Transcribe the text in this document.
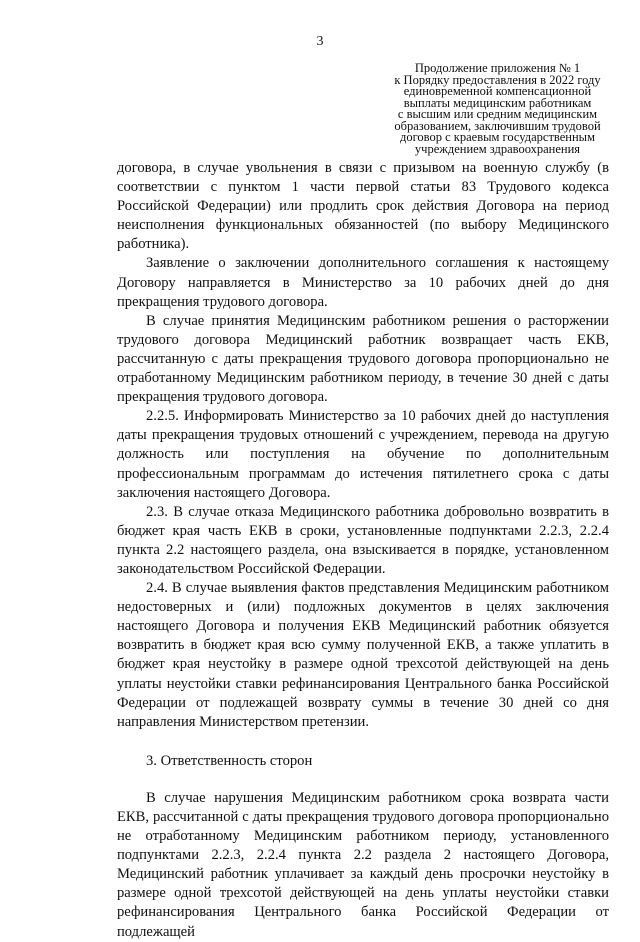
3
Продолжение приложения № 1
к Порядку предоставления в 2022 году
единовременной компенсационной
выплаты медицинским работникам
с высшим или средним медицинским
образованием, заключившим трудовой
договор с краевым государственным
учреждением здравоохранения

договора, в случае увольнения в связи с призывом на военную службу (в соответствии с пунктом 1 части первой статьи 83 Трудового кодекса Российской Федерации) или продлить срок действия Договора на период неисполнения функциональных обязанностей (по выбору Медицинского работника).

Заявление о заключении дополнительного соглашения к настоящему Договору направляется в Министерство за 10 рабочих дней до дня прекращения трудового договора.

В случае принятия Медицинским работником решения о расторжении трудового договора Медицинский работник возвращает часть ЕКВ, рассчитанную с даты прекращения трудового договора пропорционально не отработанному Медицинским работником периоду, в течение 30 дней с даты прекращения трудового договора.

2.2.5. Информировать Министерство за 10 рабочих дней до наступления даты прекращения трудовых отношений с учреждением, перевода на другую должность или поступления на обучение по дополнительным профессиональным программам до истечения пятилетнего срока с даты заключения настоящего Договора.

2.3. В случае отказа Медицинского работника добровольно возвратить в бюджет края часть ЕКВ в сроки, установленные подпунктами 2.2.3, 2.2.4 пункта 2.2 настоящего раздела, она взыскивается в порядке, установленном законодательством Российской Федерации.

2.4. В случае выявления фактов представления Медицинским работником недостоверных и (или) подложных документов в целях заключения настоящего Договора и получения ЕКВ Медицинский работник обязуется возвратить в бюджет края всю сумму полученной ЕКВ, а также уплатить в бюджет края неустойку в размере одной трехсотой действующей на день уплаты неустойки ставки рефинансирования Центрального банка Российской Федерации от подлежащей возврату суммы в течение 30 дней со дня направления Министерством претензии.

3. Ответственность сторон

В случае нарушения Медицинским работником срока возврата части ЕКВ, рассчитанной с даты прекращения трудового договора пропорционально не отработанному Медицинским работником периоду, установленного подпунктами 2.2.3, 2.2.4 пункта 2.2 раздела 2 настоящего Договора, Медицинский работник уплачивает за каждый день просрочки неустойку в размере одной трехсотой действующей на день уплаты неустойки ставки рефинансирования Центрального банка Российской Федерации от подлежащей
